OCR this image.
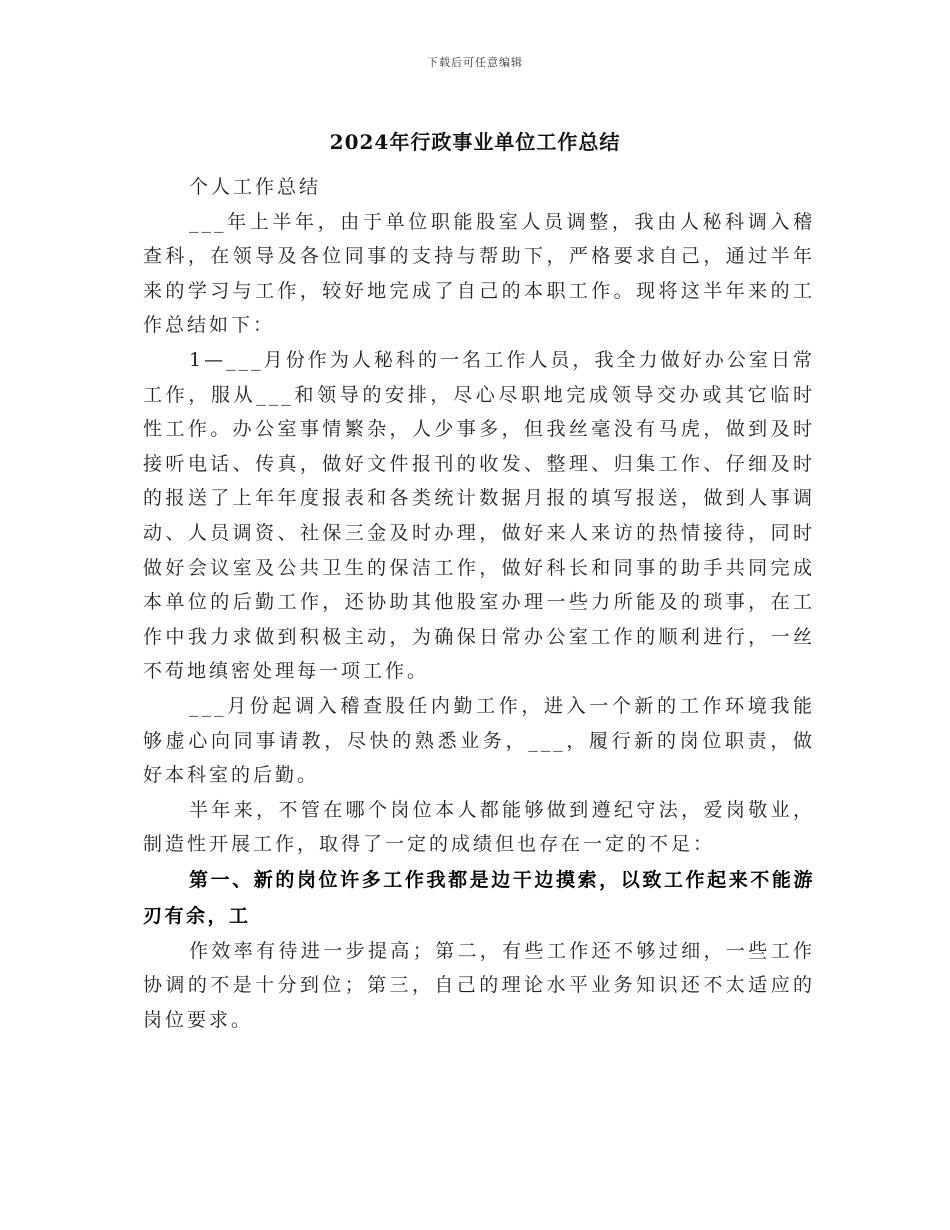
下载后可任意编辑
2024年行政事业单位工作总结

个人工作总结

___年上半年，由于单位职能股室人员调整，我由人秘科调入稽查科，在领导及各位同事的支持与帮助下，严格要求自己，通过半年来的学习与工作，较好地完成了自己的本职工作。现将这半年来的工作总结如下：

1—___月份作为人秘科的一名工作人员，我全力做好办公室日常工作，服从___和领导的安排，尽心尽职地完成领导交办或其它临时性工作。办公室事情繁杂，人少事多，但我丝毫没有马虎，做到及时接听电话、传真，做好文件报刊的收发、整理、归集工作、仔细及时的报送了上年年度报表和各类统计数据月报的填写报送，做到人事调动、人员调资、社保三金及时办理，做好来人来访的热情接待，同时做好会议室及公共卫生的保洁工作，做好科长和同事的助手共同完成本单位的后勤工作，还协助其他股室办理一些力所能及的琐事，在工作中我力求做到积极主动，为确保日常办公室工作的顺利进行，一丝不苟地缜密处理每一项工作。

___月份起调入稽查股任内勤工作，进入一个新的工作环境我能够虚心向同事请教，尽快的熟悉业务，___，履行新的岗位职责，做好本科室的后勤。

半年来，不管在哪个岗位本人都能够做到遵纪守法，爱岗敬业，制造性开展工作，取得了一定的成绩但也存在一定的不足：

第一、新的岗位许多工作我都是边干边摸索，以致工作起来不能游刃有余，工

作效率有待进一步提高；第二，有些工作还不够过细，一些工作协调的不是十分到位；第三，自己的理论水平业务知识还不太适应的岗位要求。
